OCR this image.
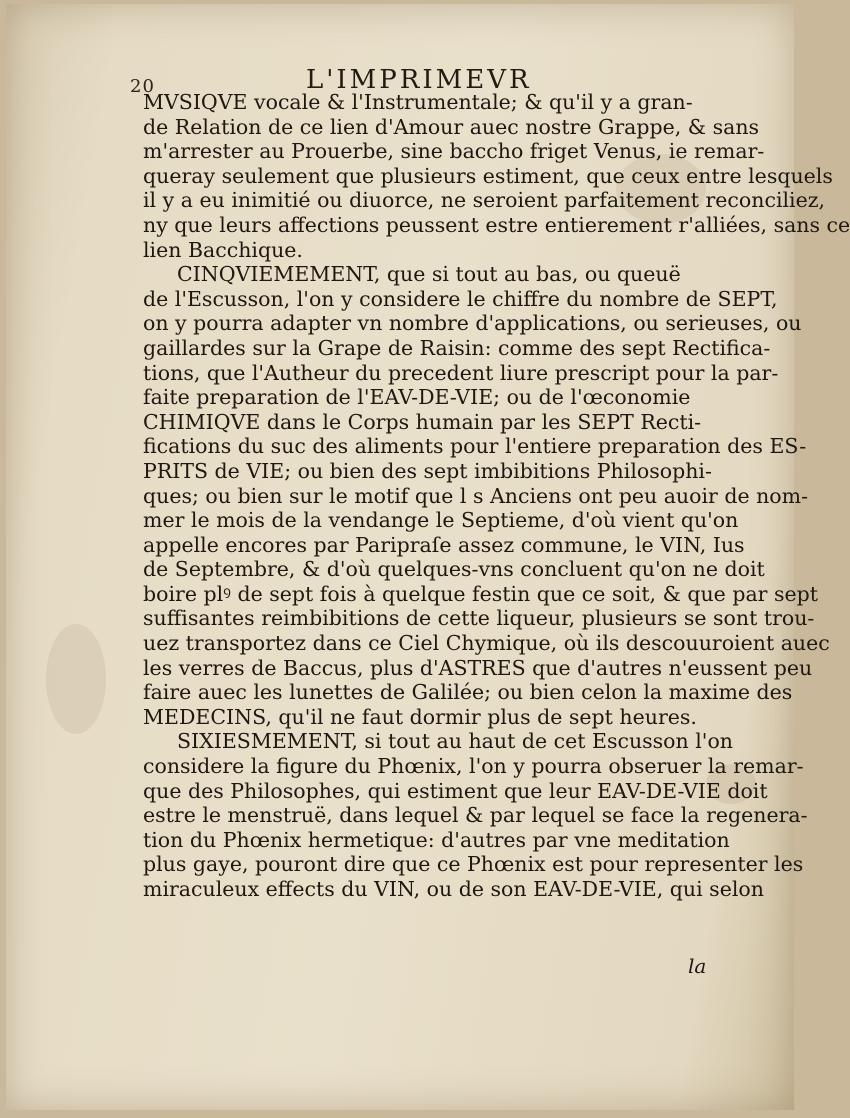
20	L'IMPRIMEVR
MVSIQVE vocale & l'Instrumentale; & qu'il y a gran-
de Relation de ce lien d'Amour auec nostre Grappe, & sans
m'arrester au Prouerbe, sine baccho friget Venus, ie remar-
queray seulement que plusieurs estiment, que ceux entre lesquels
il y a eu inimitié ou diuorce, ne seroient parfaitement reconciliez,
ny que leurs affections peussent estre entierement r'alliées, sans ce
lien Bacchique.
CINQVIEMEMENT, que si tout au bas, ou queuë
de l'Escusson, l'on y considere le chiffre du nombre de SEPT,
on y pourra adapter vn nombre d'applications, ou serieuses, ou
gaillardes sur la Grape de Raisin: comme des sept Rectifica-
tions, que l'Autheur du precedent liure prescript pour la par-
faite preparation de l'EAV-DE-VIE; ou de l'œconomie
CHIMIQVE dans le Corps humain par les SEPT Recti-
fications du suc des aliments pour l'entiere preparation des ES-
PRITS de VIE; ou bien des sept imbibitions Philosophi-
ques; ou bien sur le motif que l s Anciens ont peu auoir de nom-
mer le mois de la vendange le Septieme, d'où vient qu'on
appelle encores par Paripraſe assez commune, le VIN, Ius
de Septembre, & d'où quelques-vns concluent qu'on ne doit
boire plꝰ de sept fois à quelque festin que ce soit, & que par sept
suffisantes reimbibitions de cette liqueur, plusieurs se sont trou-
uez transportez dans ce Ciel Chymique, où ils descouuroient auec
les verres de Baccus, plus d'ASTRES que d'autres n'eussent peu
faire auec les lunettes de Galilée; ou bien celon la maxime des
MEDECINS, qu'il ne faut dormir plus de sept heures.
SIXIESMEMENT, si tout au haut de cet Escusson l'on
considere la figure du Phœnix, l'on y pourra obseruer la remar-
que des Philosophes, qui estiment que leur EAV-DE-VIE doit
estre le menstruë, dans lequel & par lequel se face la regenera-
tion du Phœnix hermetique: d'autres par vne meditation
plus gaye, pouront dire que ce Phœnix est pour representer les
miraculeux effects du VIN, ou de son EAV-DE-VIE, qui selon
la
